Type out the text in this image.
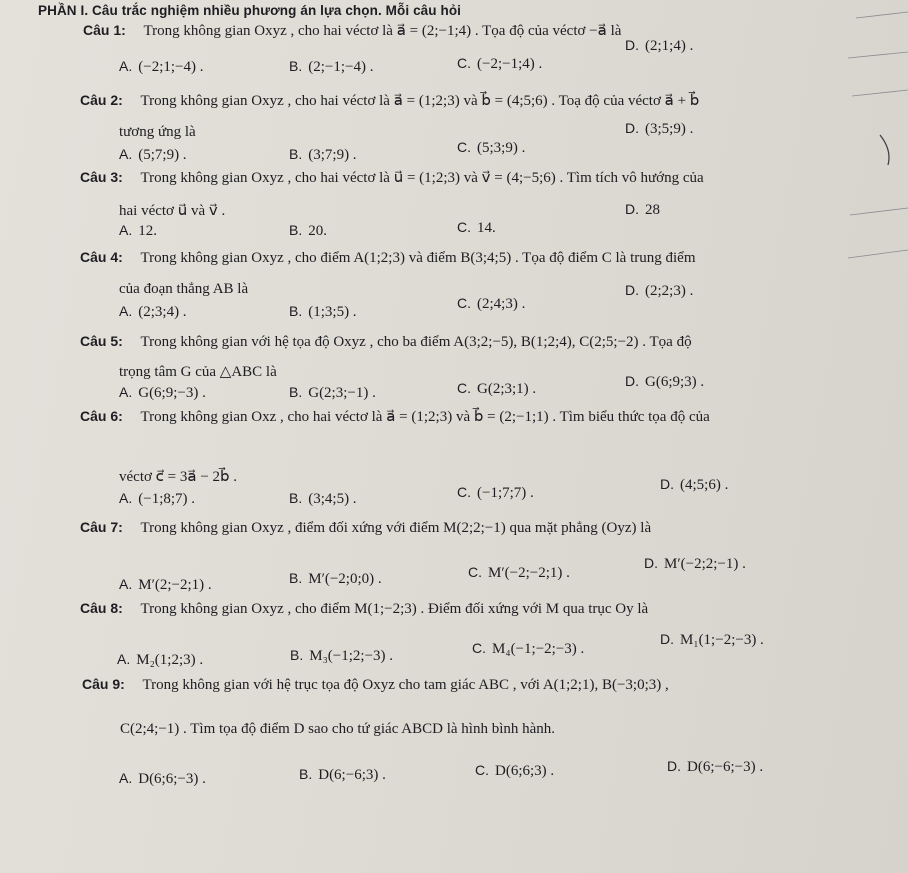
PHẦN I. Câu trắc nghiệm nhiều phương án lựa chọn. Mỗi câu hỏi
Câu 1: Trong không gian Oxyz , cho hai véctơ là a⃗ = (2;−1;4) . Tọa độ của véctơ −a⃗ là
A. (−2;1;−4) .	B. (2;−1;−4) .	C. (−2;−1;4) .
D. (2;1;4) .
Câu 2: Trong không gian Oxyz , cho hai véctơ là a⃗ = (1;2;3) và b⃗ = (4;5;6) . Toạ độ của véctơ a⃗ + b⃗
tương ứng là
A. (5;7;9) .	B. (3;7;9) .	C. (5;3;9) .
D. (3;5;9) .
Câu 3: Trong không gian Oxyz , cho hai véctơ là u⃗ = (1;2;3) và v⃗ = (4;−5;6) . Tìm tích vô hướng của
hai véctơ u⃗ và v⃗ .
A. 12.	B. 20.	C. 14.
D. 28
Câu 4: Trong không gian Oxyz , cho điểm A(1;2;3) và điểm B(3;4;5) . Tọa độ điểm C là trung điểm
của đoạn thẳng AB là
A. (2;3;4) .	B. (1;3;5) .
C. (2;4;3) .
D. (2;2;3) .
Câu 5: Trong không gian với hệ tọa độ Oxyz , cho ba điểm A(3;2;−5), B(1;2;4), C(2;5;−2) . Tọa độ
trọng tâm G của △ABC là
A. G(6;9;−3) .	B. G(2;3;−1) .	C. G(2;3;1) .	D. G(6;9;3) .
Câu 6: Trong không gian Oxz , cho hai véctơ là a⃗ = (1;2;3) và b⃗ = (2;−1;1) . Tìm biểu thức tọa độ của
véctơ c⃗ = 3a⃗ − 2b⃗ .
A. (−1;8;7) .	B. (3;4;5) .	C. (−1;7;7) .
D. (4;5;6) .
Câu 7: Trong không gian Oxyz , điểm đối xứng với điểm M(2;2;−1) qua mặt phẳng (Oyz) là
A. M′(2;−2;1) .	B. M′(−2;0;0) .	C. M′(−2;−2;1) .
D. M′(−2;2;−1) .
Câu 8: Trong không gian Oxyz , cho điểm M(1;−2;3) . Điểm đối xứng với M qua trục Oy là
A. M₂(1;2;3) .	B. M₃(−1;2;−3) .	C. M₄(−1;−2;−3) .
D. M₁(1;−2;−3) .
Câu 9: Trong không gian với hệ trục tọa độ Oxyz cho tam giác ABC , với A(1;2;1), B(−3;0;3) ,
C(2;4;−1) . Tìm tọa độ điểm D sao cho tứ giác ABCD là hình bình hành.
A. D(6;6;−3) .	B. D(6;−6;3) .	C. D(6;6;3) .	D. D(6;−6;−3) .
